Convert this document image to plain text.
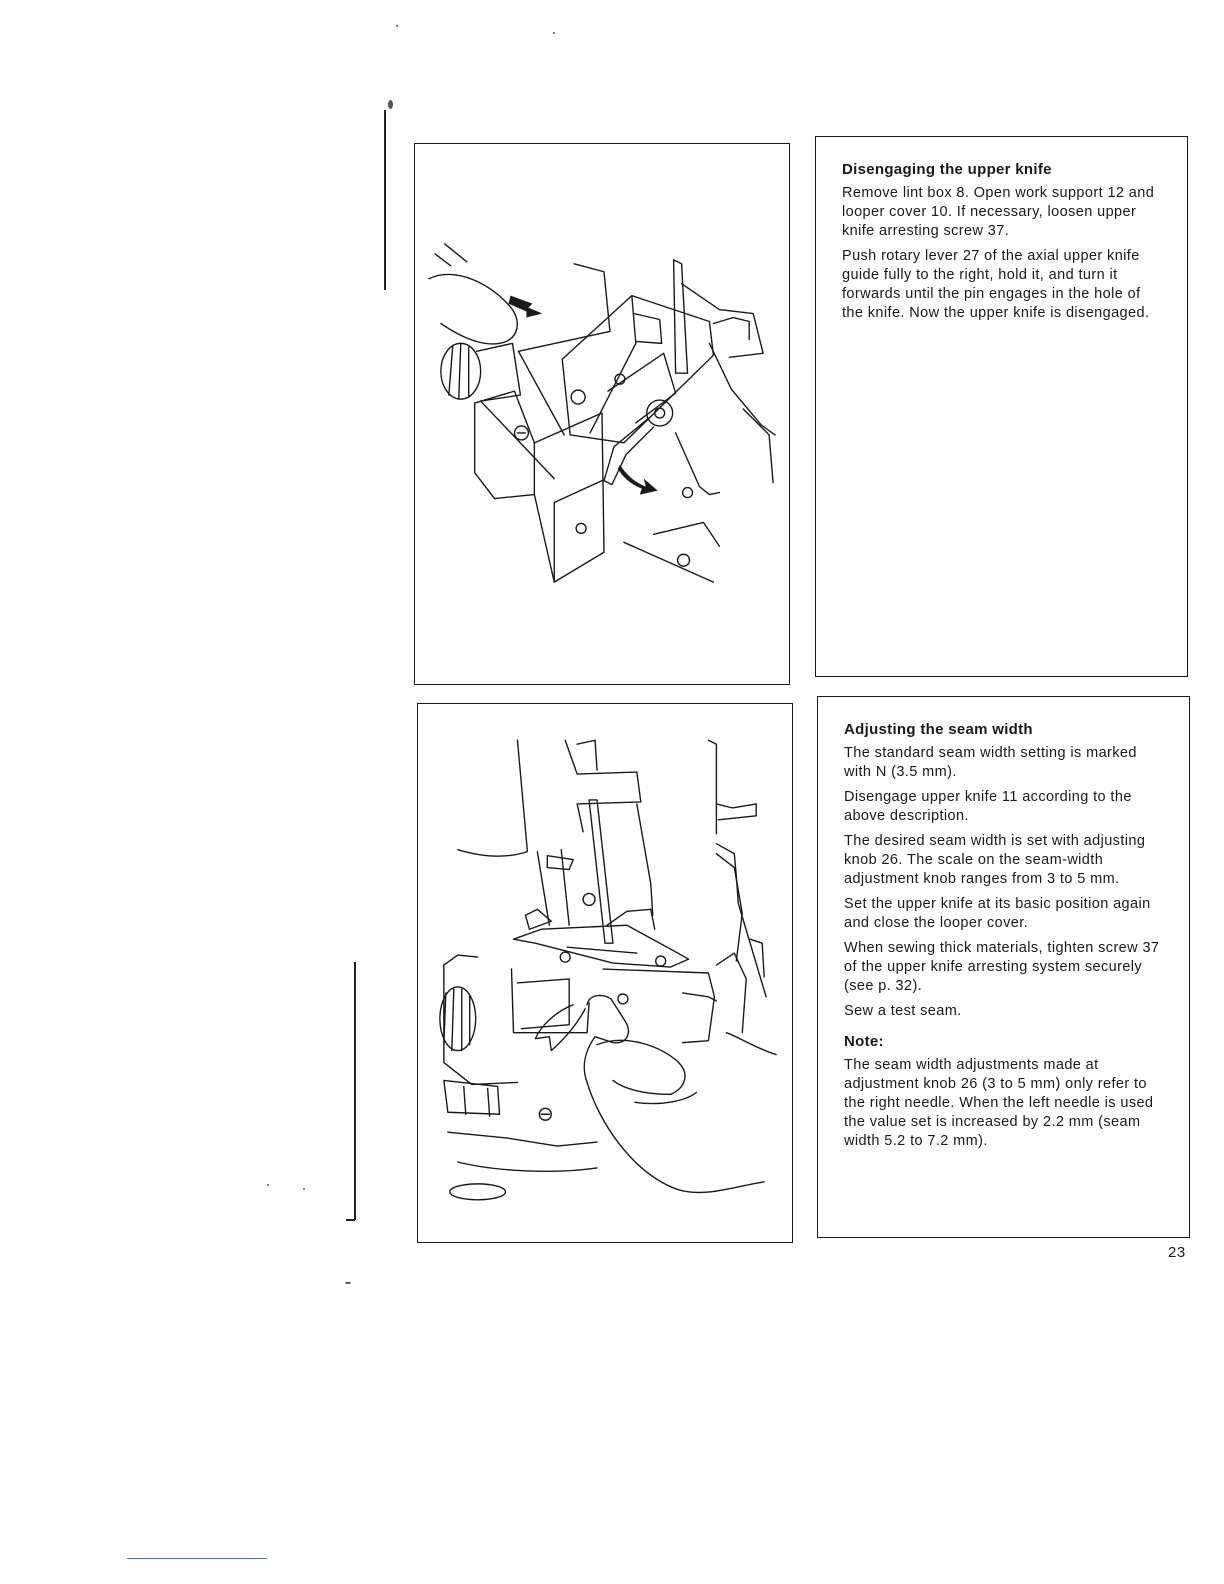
Disengaging the upper knife

Remove lint box 8. Open work support 12 and looper cover 10. If necessary, loosen upper knife arresting screw 37.

Push rotary lever 27 of the axial upper knife guide fully to the right, hold it, and turn it forwards until the pin engages in the hole of the knife. Now the upper knife is disengaged.

Adjusting the seam width

The standard seam width setting is marked with N (3.5 mm).

Disengage upper knife 11 according to the above description.

The desired seam width is set with adjusting knob 26. The scale on the seam-width adjustment knob ranges from 3 to 5 mm.

Set the upper knife at its basic position again and close the looper cover.

When sewing thick materials, tighten screw 37 of the upper knife arresting system securely (see p. 32).

Sew a test seam.

Note:

The seam width adjustments made at adjustment knob 26 (3 to 5 mm) only refer to the right needle. When the left needle is used the value set is increased by 2.2 mm (seam width 5.2 to 7.2 mm).

23
